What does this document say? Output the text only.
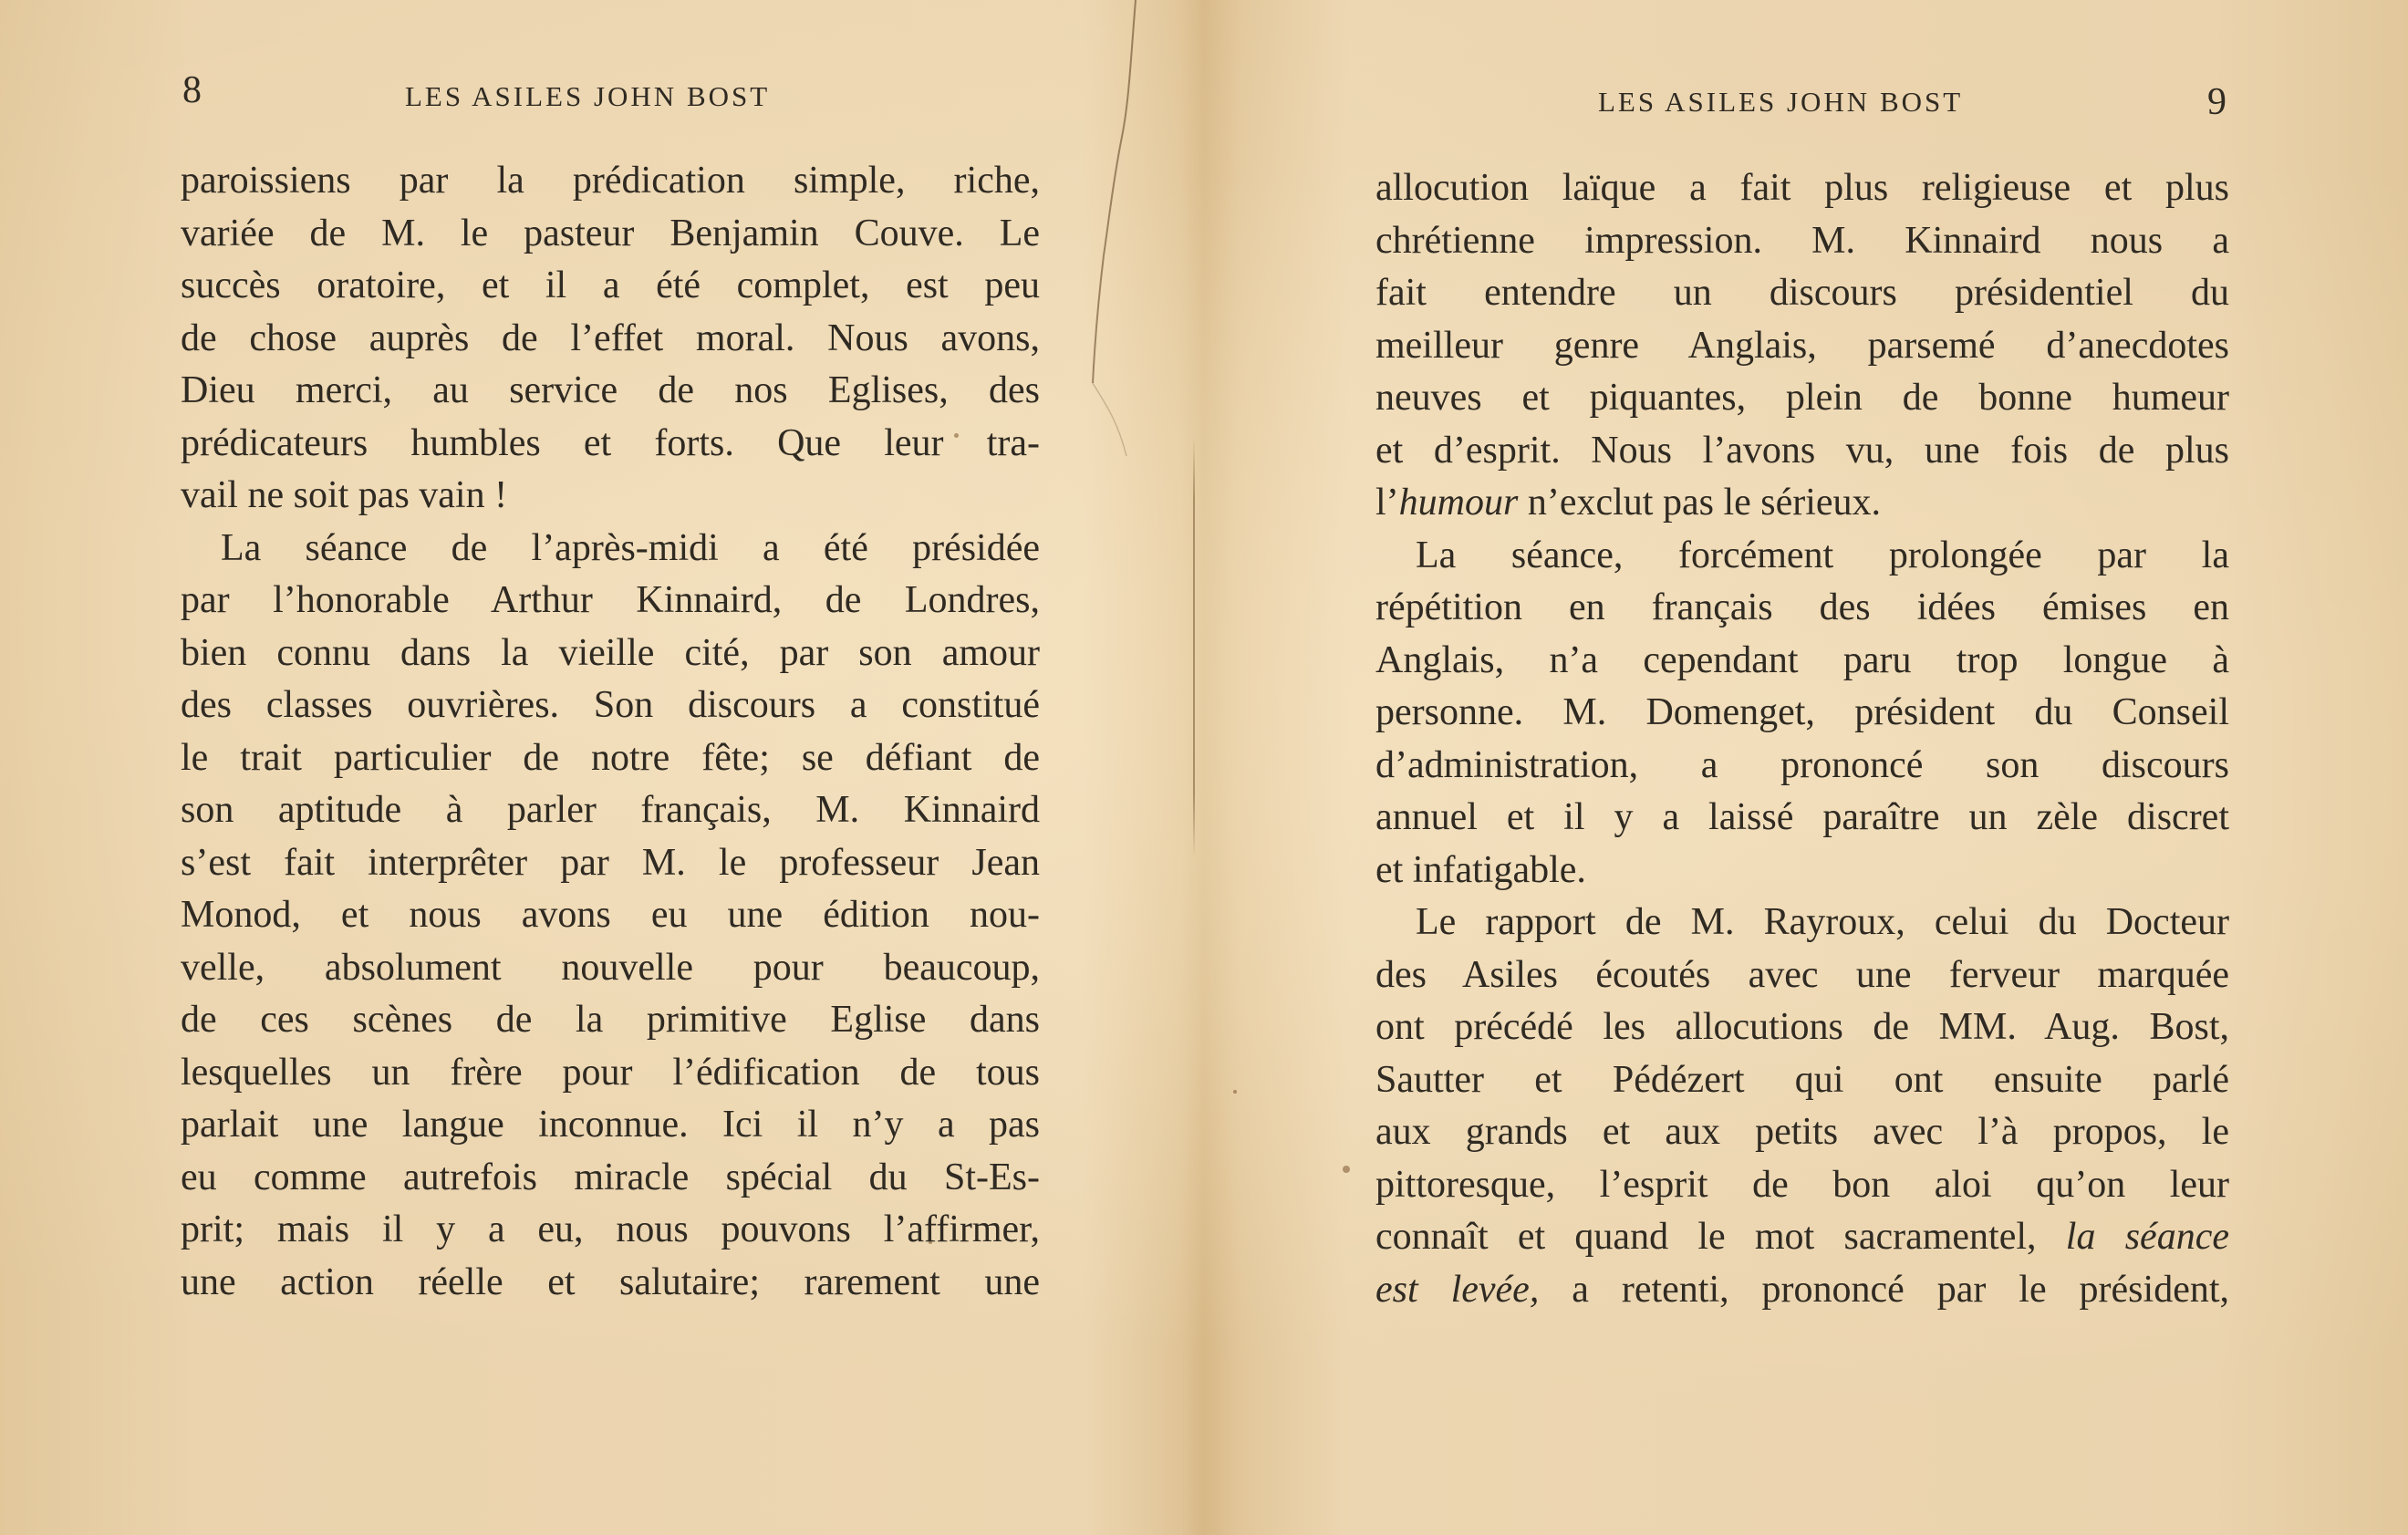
8	LES ASILES JOHN BOST
paroissiens par la prédication simple, riche,
variée de M. le pasteur Benjamin Couve. Le
succès oratoire, et il a été complet, est peu
de chose auprès de l’effet moral. Nous avons,
Dieu merci, au service de nos Eglises, des
prédicateurs humbles et forts. Que leur tra-
vail ne soit pas vain !
La séance de l’après-midi a été présidée
par l’honorable Arthur Kinnaird, de Londres,
bien connu dans la vieille cité, par son amour
des classes ouvrières. Son discours a constitué
le trait particulier de notre fête; se défiant de
son aptitude à parler français, M. Kinnaird
s’est fait interprêter par M. le professeur Jean
Monod, et nous avons eu une édition nou-
velle, absolument nouvelle pour beaucoup,
de ces scènes de la primitive Eglise dans
lesquelles un frère pour l’édification de tous
parlait une langue inconnue. Ici il n’y a pas
eu comme autrefois miracle spécial du St-Es-
prit; mais il y a eu, nous pouvons l’affirmer,
une action réelle et salutaire; rarement une
LES ASILES JOHN BOST	9
allocution laïque a fait plus religieuse et plus
chrétienne impression. M. Kinnaird nous a
fait entendre un discours présidentiel du
meilleur genre Anglais, parsemé d’anecdotes
neuves et piquantes, plein de bonne humeur
et d’esprit. Nous l’avons vu, une fois de plus
l’humour n’exclut pas le sérieux.
La séance, forcément prolongée par la
répétition en français des idées émises en
Anglais, n’a cependant paru trop longue à
personne. M. Domenget, président du Conseil
d’administration, a prononcé son discours
annuel et il y a laissé paraître un zèle discret
et infatigable.
Le rapport de M. Rayroux, celui du Docteur
des Asiles écoutés avec une ferveur marquée
ont précédé les allocutions de MM. Aug. Bost,
Sautter et Pédézert qui ont ensuite parlé
aux grands et aux petits avec l’à propos, le
pittoresque, l’esprit de bon aloi qu’on leur
connaît et quand le mot sacramentel, la séance
est levée, a retenti, prononcé par le président,
